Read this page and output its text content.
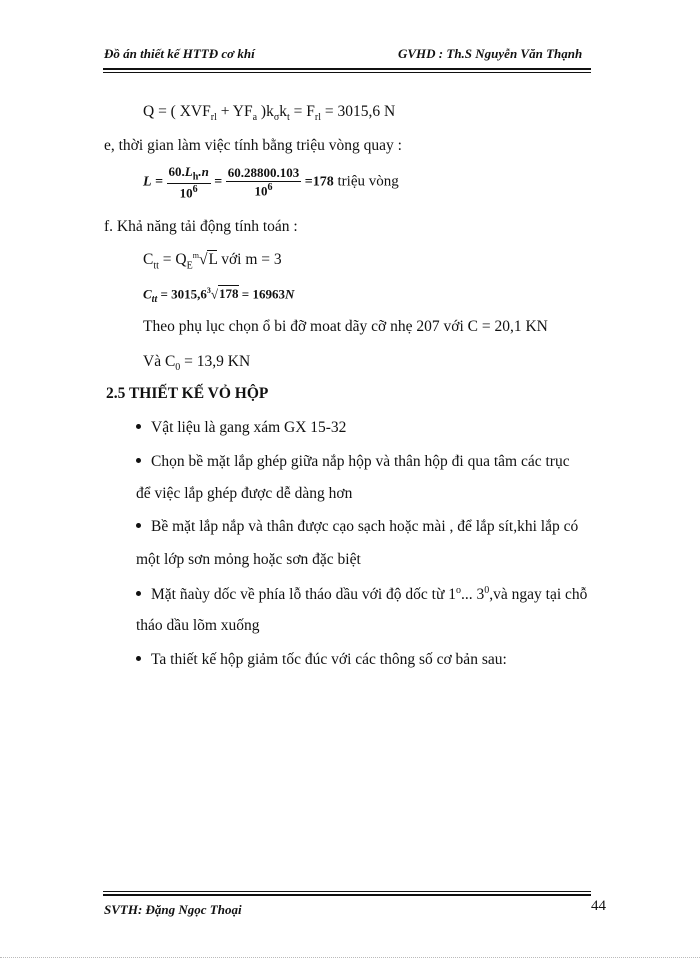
Đồ án thiết kế HTTĐ cơ khí	GVHD : Th.S Nguyễn Văn Thạnh
Q = ( $XVF_{rl} + YF_a$ )$k_\sigma k_t = F_{rl} = 3015,6$ N
e, thời gian làm việc tính bằng triệu vòng quay :
$L = \frac{60.L_h.n}{10^6} = \frac{60.28800.103}{10^6} =178$ triệu vòng
f. Khả năng tải động tính toán :
$C_{tt} = Q_E^m√L$ với m = 3
$C_{tt} = 3015,6^3√178 = 16963N$
Theo phụ lục chọn ổ bi đỡ moat dãy cỡ nhẹ 207 với C = 20,1 KN
Và $C_0 = 13,9$ KN
2.5 THIẾT KẾ VỎ HỘP
Vật liệu là gang xám GX 15-32
Chọn bề mặt lắp ghép giữa nắp hộp và thân hộp đi qua tâm các trục
để việc lắp ghép được dễ dàng hơn
Bề mặt lắp nắp và thân được cạo sạch hoặc mài , để lắp sít,khi lắp có
một lớp sơn mỏng hoặc sơn đặc biệt
Mặt ñaùy dốc về phía lỗ tháo dầu với độ dốc từ 1$^o$... $3^0,và$ ngay tại chỗ
tháo dầu lõm xuống
Ta thiết kế hộp giảm tốc đúc với các thông số cơ bản sau:
SVTH: Đặng Ngọc Thoại	44
